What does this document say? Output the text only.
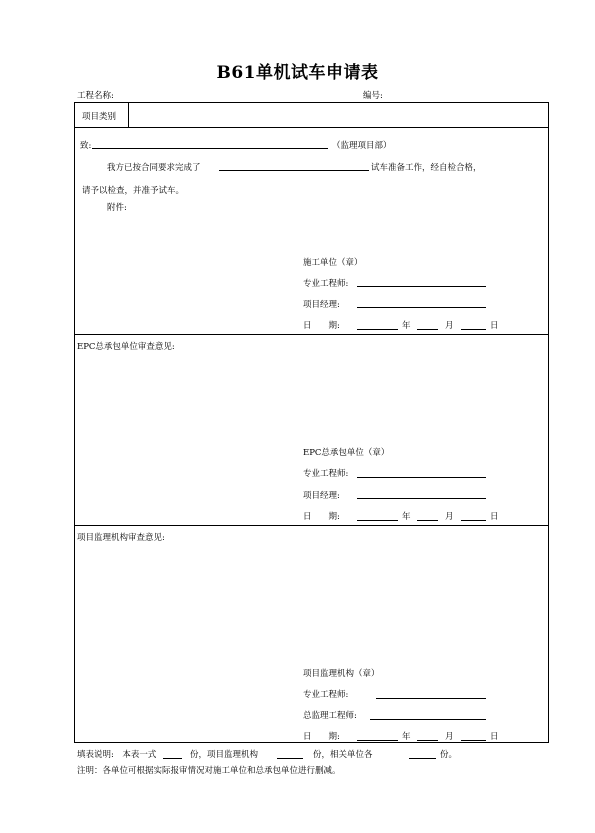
B61单机试车申请表
工程名称:	编号:
项目类别
致:	（监理项目部）
我方已按合同要求完成了	试车准备工作，经自检合格，
请予以检查，并准予试车。
附件:
施工单位（章）
专业工程师:
项目经理:
日　　期:	年	月	日
EPC总承包单位审查意见:
EPC总承包单位（章）
专业工程师:
项目经理:
日　　期:	年	月	日
项目监理机构审查意见:
项目监理机构（章）
专业工程师:
总监理工程师:
日　　期:	年	月	日
填表说明:　本表一式	份，项目监理机构	份，相关单位各	份。
注明：各单位可根据实际报审情况对施工单位和总承包单位进行删减。
